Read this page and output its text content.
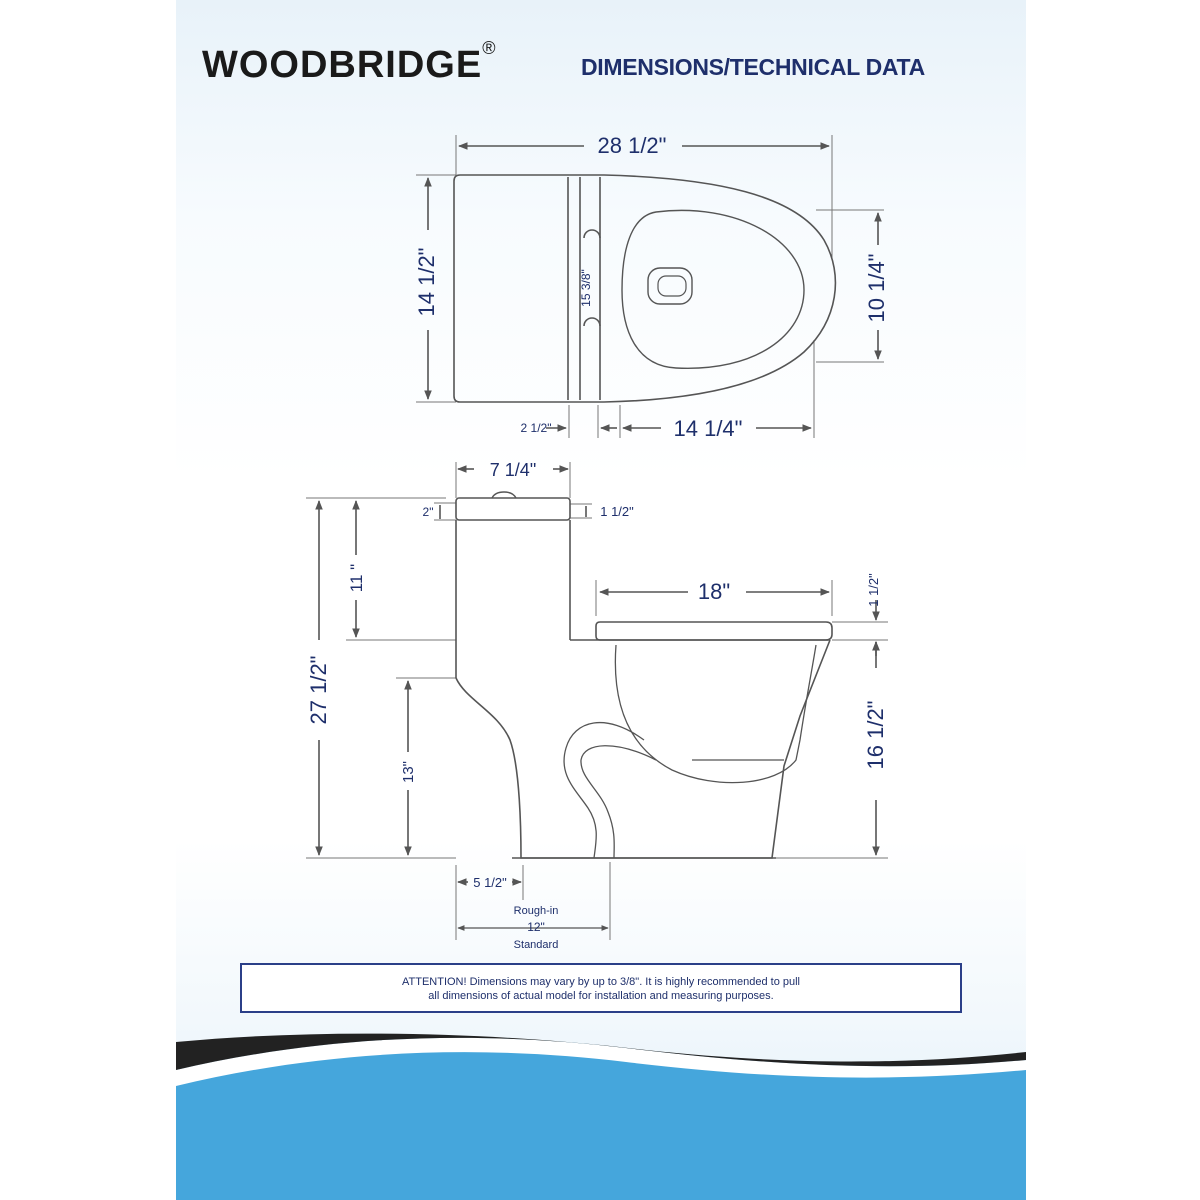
WOODBRIDGE®
DIMENSIONS/TECHNICAL DATA
28 1/2"
14 1/2"	15 3/8"	10 1/4"
2 1/2"	14 1/4"
7 1/4"
2"	1 1/2"
11 "	18"	1 1/2"
27 1/2"
16 1/2"
13"
5 1/2"
Rough-in
12"
Standard
ATTENTION! Dimensions may vary by up to 3/8". It is highly recommended to pull
all dimensions of actual model for installation and measuring purposes.
